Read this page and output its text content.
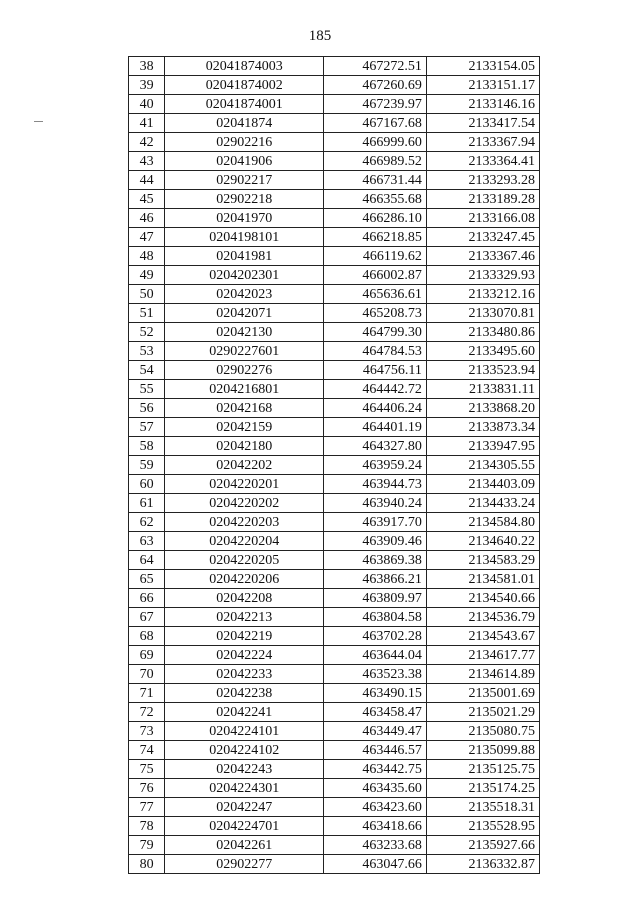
185
38	02041874003	467272.51	2133154.05
39	02041874002	467260.69	2133151.17
40	02041874001	467239.97	2133146.16
41	02041874	467167.68	2133417.54
42	02902216	466999.60	2133367.94
43	02041906	466989.52	2133364.41
44	02902217	466731.44	2133293.28
45	02902218	466355.68	2133189.28
46	02041970	466286.10	2133166.08
47	0204198101	466218.85	2133247.45
48	02041981	466119.62	2133367.46
49	0204202301	466002.87	2133329.93
50	02042023	465636.61	2133212.16
51	02042071	465208.73	2133070.81
52	02042130	464799.30	2133480.86
53	0290227601	464784.53	2133495.60
54	02902276	464756.11	2133523.94
55	0204216801	464442.72	2133831.11
56	02042168	464406.24	2133868.20
57	02042159	464401.19	2133873.34
58	02042180	464327.80	2133947.95
59	02042202	463959.24	2134305.55
60	0204220201	463944.73	2134403.09
61	0204220202	463940.24	2134433.24
62	0204220203	463917.70	2134584.80
63	0204220204	463909.46	2134640.22
64	0204220205	463869.38	2134583.29
65	0204220206	463866.21	2134581.01
66	02042208	463809.97	2134540.66
67	02042213	463804.58	2134536.79
68	02042219	463702.28	2134543.67
69	02042224	463644.04	2134617.77
70	02042233	463523.38	2134614.89
71	02042238	463490.15	2135001.69
72	02042241	463458.47	2135021.29
73	0204224101	463449.47	2135080.75
74	0204224102	463446.57	2135099.88
75	02042243	463442.75	2135125.75
76	0204224301	463435.60	2135174.25
77	02042247	463423.60	2135518.31
78	0204224701	463418.66	2135528.95
79	02042261	463233.68	2135927.66
80	02902277	463047.66	2136332.87
